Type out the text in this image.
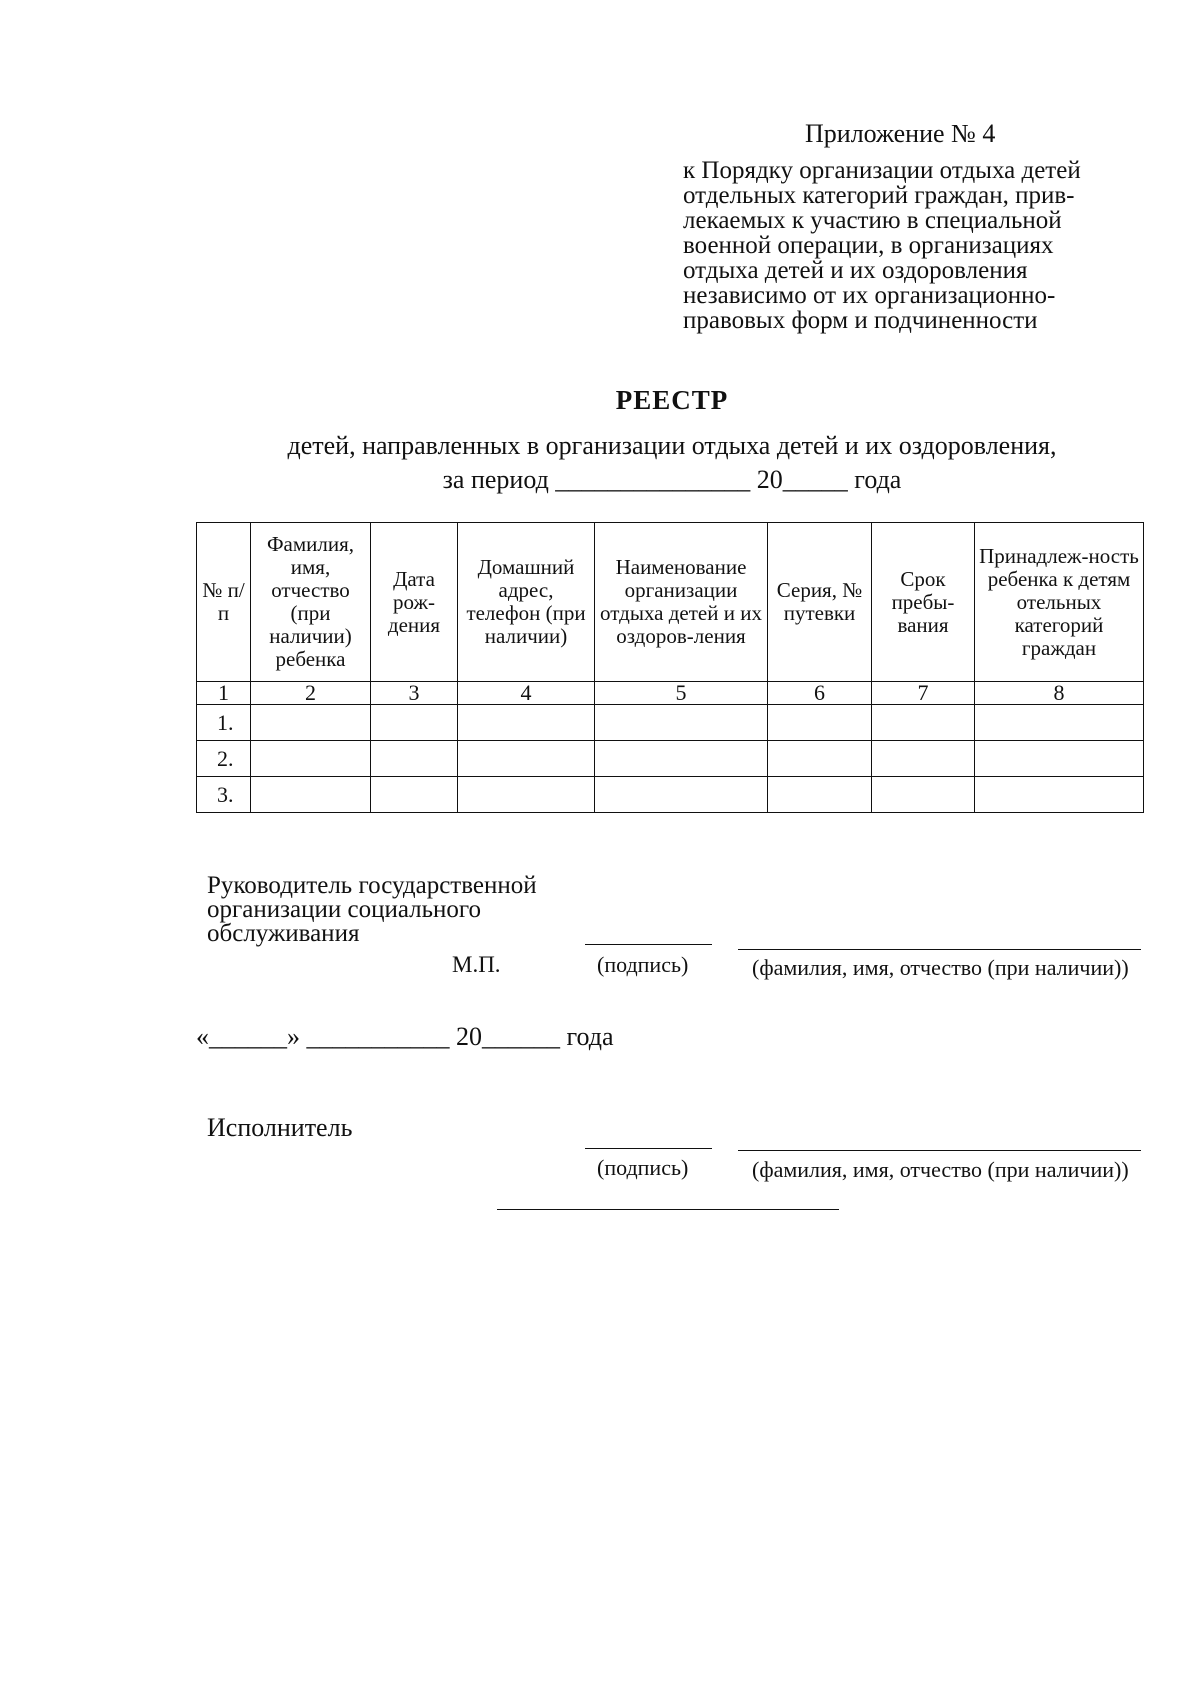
Приложение № 4
к Порядку организации отдыха детей
отдельных категорий граждан, прив-
лекаемых к участию в специальной
военной операции, в организациях
отдыха детей и их оздоровления
независимо от их организационно-
правовых форм и подчиненности
РЕЕСТР
детей, направленных в организации отдыха детей и их оздоровления,
за период _______________ 20_____ года
№ п/п	Фамилия, имя, отчество (при наличии) ребенка	Дата рож-дения	Домашний адрес, телефон (при наличии)	Наименование организации отдыха детей и их оздоров-ления	Серия, № путевки	Срок пребы-вания	Принадлеж-ность ребенка к детям отельных категорий граждан
1	2	3	4	5	6	7	8
1.							
2.							
3.							
Руководитель государственной
организации социального
обслуживания
М.П.	(подпись)	(фамилия, имя, отчество (при наличии))
«______» ___________ 20______ года
Исполнитель
(подпись)	(фамилия, имя, отчество (при наличии))
